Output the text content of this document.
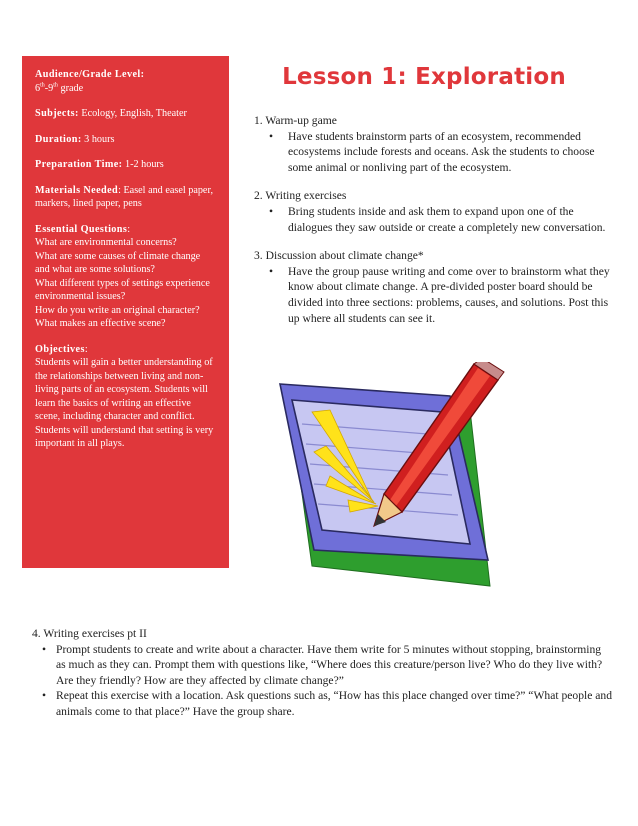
Audience/Grade Level:
6th-9th grade
Subjects: Ecology, English, Theater
Duration: 3 hours
Preparation Time: 1-2 hours
Materials Needed: Easel and easel paper, markers, lined paper, pens
Essential Questions:
What are environmental concerns?
What are some causes of climate change and what are some solutions?
What different types of settings experience environmental issues?
How do you write an original character?
What makes an effective scene?
Objectives:
Students will gain a better understanding of the relationships between living and non-living parts of an ecosystem. Students will learn the basics of writing an effective scene, including character and conflict.
Students will understand that setting is very important in all plays.
Lesson 1: Exploration
1. Warm-up game
•	Have students brainstorm parts of an ecosystem, recommended ecosystems include forests and oceans. Ask the students to choose some animal or nonliving part of the ecosystem.
2. Writing exercises
•	Bring students inside and ask them to expand upon one of the dialogues they saw outside or create a completely new conversation.
3. Discussion about climate change*
•	Have the group pause writing and come over to brainstorm what they know about climate change. A pre-divided poster board should be divided into three sections: problems, causes, and solutions. Post this up where all students can see it.
4. Writing exercises pt II
• Prompt students to create and write about a character. Have them write for 5 minutes without stopping, brainstorming as much as they can. Prompt them with questions like, “Where does this creature/person live? Who do they live with? Are they friendly? How are they affected by climate change?”
• Repeat this exercise with a location. Ask questions such as, “How has this place changed over time?” “What people and animals come to that place?” Have the group share.
